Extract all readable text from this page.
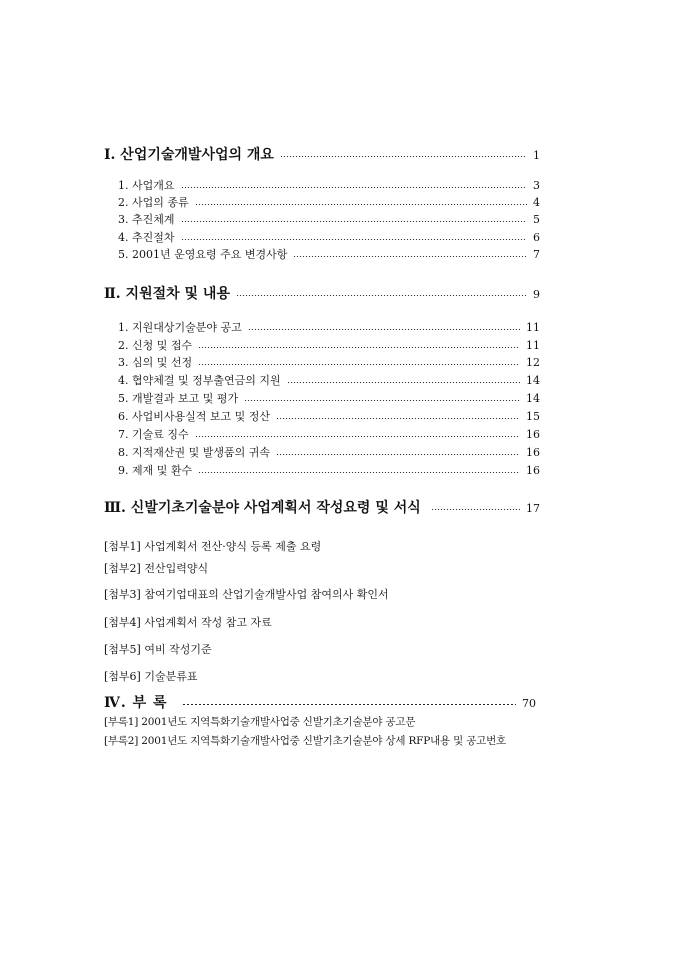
Ⅰ. 산업기술개발사업의 개요	1
1. 사업개요	3
2. 사업의 종류	4
3. 추진체계	5
4. 추진절차	6
5. 2001년 운영요령 주요 변경사항	7
Ⅱ. 지원절차 및 내용	9
1. 지원대상기술분야 공고	11
2. 신청 및 접수	11
3. 심의 및 선정	12
4. 협약체결 및 정부출연금의 지원	14
5. 개발결과 보고 및 평가	14
6. 사업비사용실적 보고 및 정산	15
7. 기술료 징수	16
8. 지적재산권 및 발생품의 귀속	16
9. 제재 및 환수	16
Ⅲ. 신발기초기술분야 사업계획서 작성요령 및 서식	17
[첨부1] 사업계획서 전산·양식 등록 제출 요령
[첨부2] 전산입력양식
[첨부3] 참여기업대표의 산업기술개발사업 참여의사 확인서
[첨부4] 사업계획서 작성 참고 자료
[첨부5] 여비 작성기준
[첨부6] 기술분류표
Ⅳ. 부 록	70
[부록1] 2001년도 지역특화기술개발사업중 신발기초기술분야 공고문
[부록2] 2001년도 지역특화기술개발사업중 신발기초기술분야 상세 RFP내용 및 공고번호
